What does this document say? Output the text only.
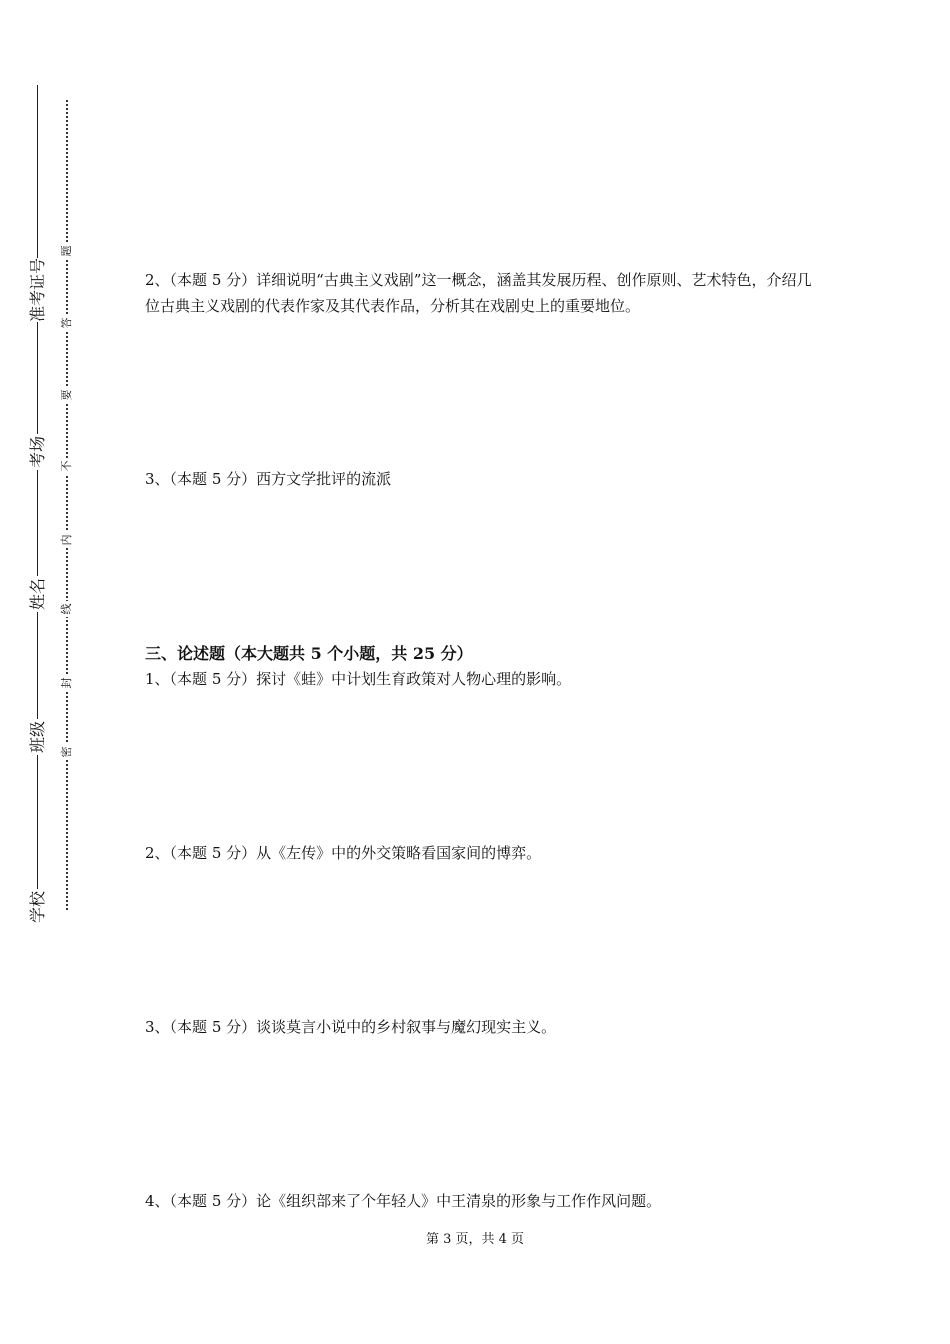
准考证号
考场
姓名
班级
学校
密
封
线
内
不
要
答
题

2、（本题 5 分）详细说明“古典主义戏剧”这一概念，涵盖其发展历程、创作原则、艺术特色，介绍几位古典主义戏剧的代表作家及其代表作品，分析其在戏剧史上的重要地位。

3、（本题 5 分）西方文学批评的流派

三、论述题（本大题共 5 个小题，共 25 分）

1、（本题 5 分）探讨《蛙》中计划生育政策对人物心理的影响。

2、（本题 5 分）从《左传》中的外交策略看国家间的博弈。

3、（本题 5 分）谈谈莫言小说中的乡村叙事与魔幻现实主义。

4、（本题 5 分）论《组织部来了个年轻人》中王清泉的形象与工作作风问题。

第 3 页，共 4 页
